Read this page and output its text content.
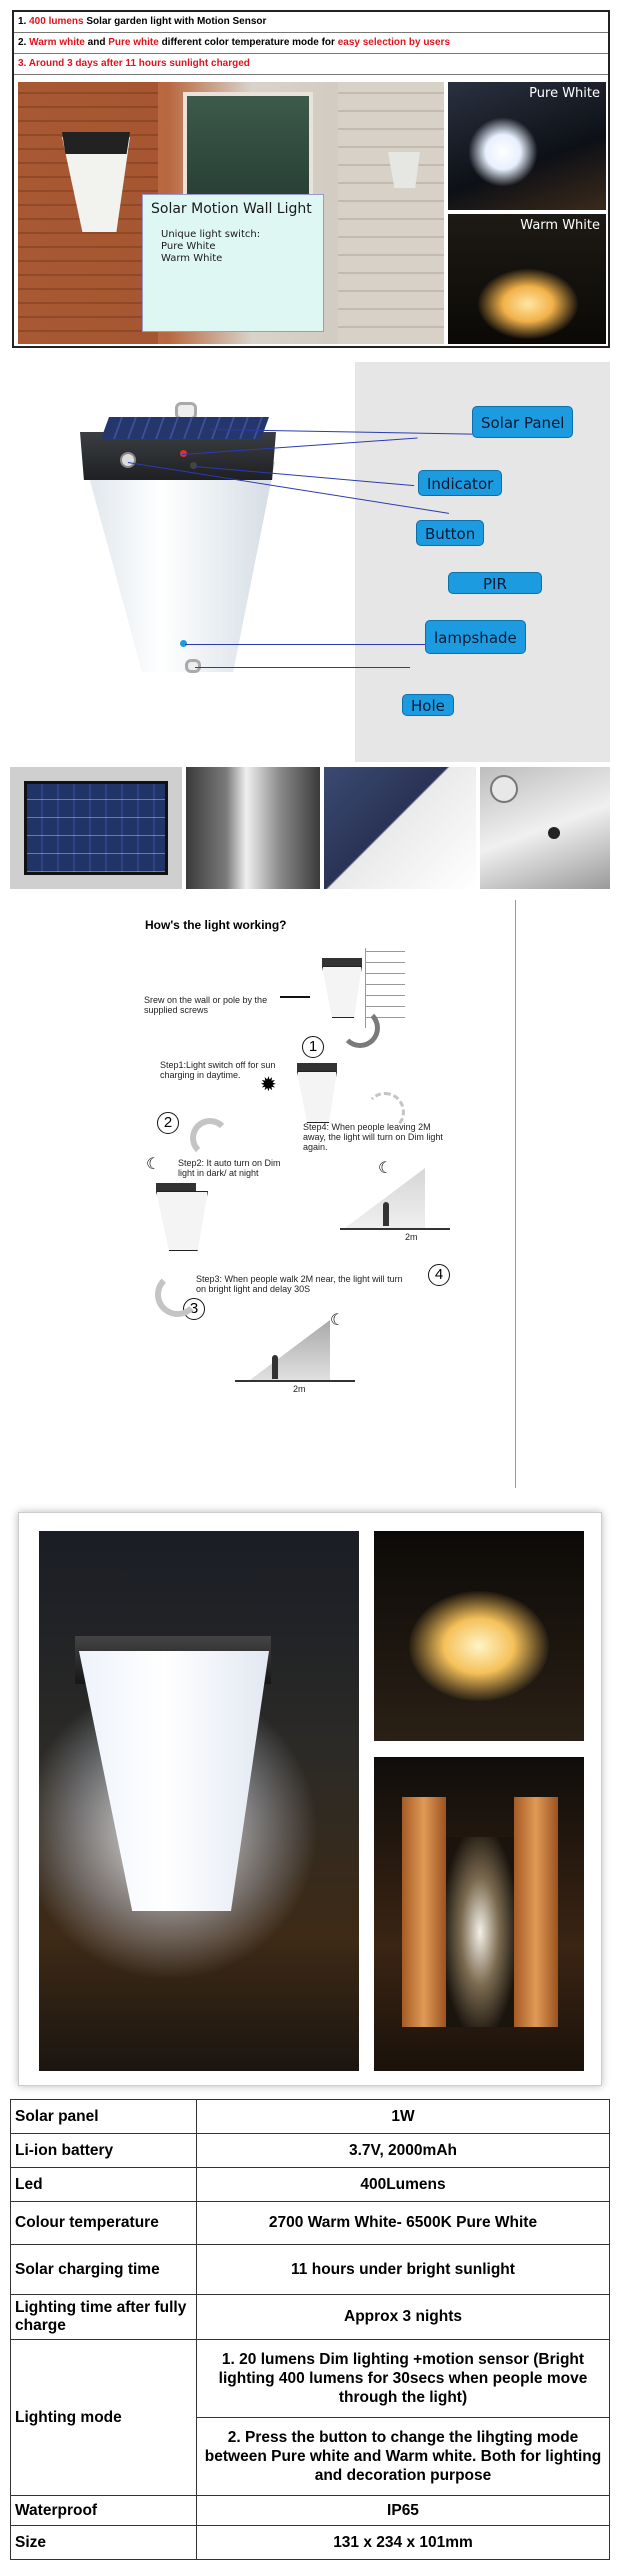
1. 400 lumens Solar garden light with Motion Sensor
2. Warm white and Pure white different color temperature mode for easy selection by users
3. Around 3 days after 11 hours sunlight charged
Solar Motion Wall Light
Unique light switch:
Pure White
Warm White
Pure White
Warm White
Solar Panel
Indicator
Button
PIR
lampshade
Hole
How's the light working?
Srew on the wall or pole by the supplied screws
1
Step1:Light switch off for sun charging in daytime. ✹
2	Step4: When people leaving 2M away, the light will turn on Dim light again.
☾ Step2: It auto turn on Dim light in dark/ at night	☾
2m
Step3: When people walk 2M near, the light will turn on bright light and delay 30S
3
4
☾
2m
Solar panel	1W
Li-ion battery	3.7V, 2000mAh
Led	400Lumens
Colour temperature	2700 Warm White- 6500K Pure White
Solar charging time	11 hours under bright sunlight
Lighting time after fully charge	Approx 3 nights
Lighting mode	1. 20 lumens Dim lighting +motion sensor (Bright lighting 400 lumens for 30secs when people move through the light)
	2. Press the button to change the lihgting mode between Pure white and Warm white. Both for lighting and decoration purpose
Waterproof	IP65
Size	131 x 234 x 101mm
